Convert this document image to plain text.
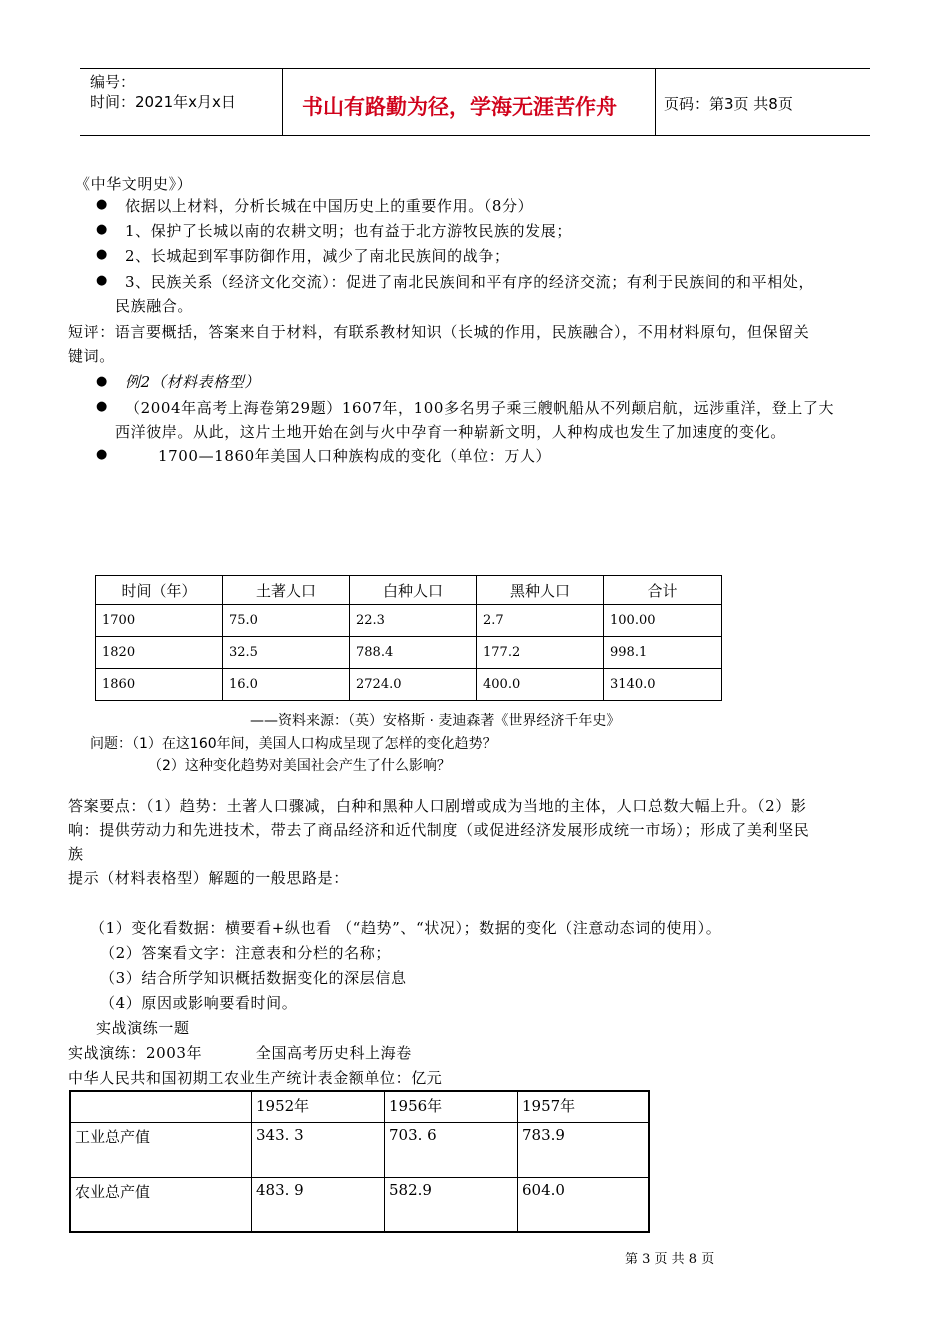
编号：
时间：2021年x月x日	书山有路勤为径，学海无涯苦作舟	页码：第3页 共8页
《中华文明史》）
● 依据以上材料，分析长城在中国历史上的重要作用。（8分）
● 1、保护了长城以南的农耕文明；也有益于北方游牧民族的发展；
● 2、长城起到军事防御作用，减少了南北民族间的战争；
● 3、民族关系（经济文化交流）：促进了南北民族间和平有序的经济交流；有利于民族间的和平相处，
民族融合。
短评：语言要概括，答案来自于材料，有联系教材知识（长城的作用，民族融合），不用材料原句，但保留关
键词。
● 例2（材料表格型）
● （2004年高考上海卷第29题）1607年，100多名男子乘三艘帆船从不列颠启航，远涉重洋，登上了大
西洋彼岸。从此，这片土地开始在剑与火中孕育一种崭新文明，人种构成也发生了加速度的变化。
●	1700—1860年美国人口种族构成的变化（单位：万人）
时间（年）	土著人口	白种人口	黑种人口	合计
1700	75.0	22.3	2.7	100.00
1820	32.5	788.4	177.2	998.1
1860	16.0	2724.0	400.0	3140.0
——资料来源：（英）安格斯 · 麦迪森著《世界经济千年史》
问题：（1）在这160年间，美国人口构成呈现了怎样的变化趋势？
（2）这种变化趋势对美国社会产生了什么影响？
答案要点：（1）趋势：土著人口骤减，白种和黑种人口剧增或成为当地的主体，人口总数大幅上升。（2）影
响：提供劳动力和先进技术，带去了商品经济和近代制度（或促进经济发展形成统一市场）；形成了美利坚民
族
提示（材料表格型）解题的一般思路是：
（1）变化看数据：横要看+纵也看 （“趋势”、“状况）；数据的变化（注意动态词的使用）。
（2）答案看文字：注意表和分栏的名称；
（3）结合所学知识概括数据变化的深层信息
（4）原因或影响要看时间。
实战演练一题
实战演练：2003年          全国高考历史科上海卷
中华人民共和国初期工农业生产统计表金额单位：亿元
	1952年	1956年	1957年
工业总产值	343. 3	703. 6	783.9
农业总产值	483. 9	582.9	604.0
第 3 页 共 8 页
